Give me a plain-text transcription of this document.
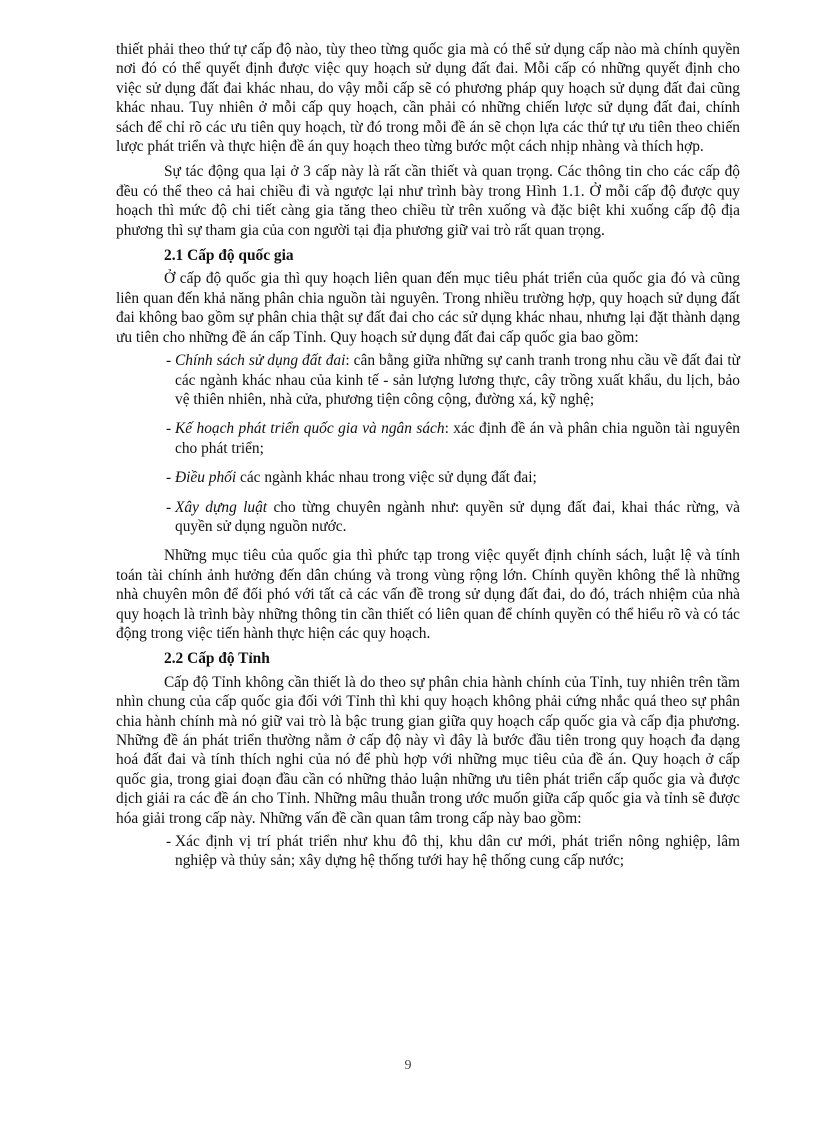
thiết phải theo thứ tự cấp độ nào, tùy theo từng quốc gia mà có thể sử dụng cấp nào mà chính quyền nơi đó có thể quyết định được việc quy hoạch sử dụng đất đai. Mỗi cấp có những quyết định cho việc sử dụng đất đai khác nhau, do vậy mỗi cấp sẽ có phương pháp quy hoạch sử dụng đất đai cũng khác nhau. Tuy nhiên ở mỗi cấp quy hoạch, cần phải có những chiến lược sử dụng đất đai, chính sách để chỉ rõ các ưu tiên quy hoạch, từ đó trong mỗi đề án sẽ chọn lựa các thứ tự ưu tiên theo chiến lược phát triển và thực hiện đề án quy hoạch theo từng bước một cách nhịp nhàng và thích hợp.

Sự tác động qua lại ở 3 cấp này là rất cần thiết và quan trọng. Các thông tin cho các cấp độ đều có thể theo cả hai chiều đi và ngược lại như trình bày trong Hình 1.1. Ở mỗi cấp độ được quy hoạch thì mức độ chi tiết càng gia tăng theo chiều từ trên xuống và đặc biệt khi xuống cấp độ địa phương thì sự tham gia của con người tại địa phương giữ vai trò rất quan trọng.

2.1 Cấp độ quốc gia

Ở cấp độ quốc gia thì quy hoạch liên quan đến mục tiêu phát triển của quốc gia đó và cũng liên quan đến khả năng phân chia nguồn tài nguyên. Trong nhiều trường hợp, quy hoạch sử dụng đất đai không bao gồm sự phân chia thật sự đất đai cho các sử dụng khác nhau, nhưng lại đặt thành dạng ưu tiên cho những đề án cấp Tỉnh. Quy hoạch sử dụng đất đai cấp quốc gia bao gồm:

- Chính sách sử dụng đất đai: cân bằng giữa những sự canh tranh trong nhu cầu về đất đai từ các ngành khác nhau của kinh tế - sản lượng lương thực, cây trồng xuất khẩu, du lịch, bảo vệ thiên nhiên, nhà cửa, phương tiện công cộng, đường xá, kỹ nghệ;
- Kế hoạch phát triển quốc gia và ngân sách: xác định đề án và phân chia nguồn tài nguyên cho phát triển;
- Điều phối các ngành khác nhau trong việc sử dụng đất đai;
- Xây dựng luật cho từng chuyên ngành như: quyền sử dụng đất đai, khai thác rừng, và quyền sử dụng nguồn nước.

Những mục tiêu của quốc gia thì phức tạp trong việc quyết định chính sách, luật lệ và tính toán tài chính ảnh hưởng đến dân chúng và trong vùng rộng lớn. Chính quyền không thể là những nhà chuyên môn để đối phó với tất cả các vấn đề trong sử dụng đất đai, do đó, trách nhiệm của nhà quy hoạch là trình bày những thông tin cần thiết có liên quan để chính quyền có thể hiểu rõ và có tác động trong việc tiến hành thực hiện các quy hoạch.

2.2 Cấp độ Tỉnh

Cấp độ Tỉnh không cần thiết là do theo sự phân chia hành chính của Tỉnh, tuy nhiên trên tầm nhìn chung của cấp quốc gia đối với Tỉnh thì khi quy hoạch không phải cứng nhắc quá theo sự phân chia hành chính mà nó giữ vai trò là bậc trung gian giữa quy hoạch cấp quốc gia và cấp địa phương. Những đề án phát triển thường nằm ở cấp độ này vì đây là bước đầu tiên trong quy hoạch đa dạng hoá đất đai và tính thích nghi của nó để phù hợp với những mục tiêu của đề án. Quy hoạch ở cấp quốc gia, trong giai đoạn đầu cần có những thảo luận những ưu tiên phát triển cấp quốc gia và được dịch giải ra các đề án cho Tỉnh. Những mâu thuẫn trong ước muốn giữa cấp quốc gia và tỉnh sẽ được hóa giải trong cấp này. Những vấn đề cần quan tâm trong cấp này bao gồm:

- Xác định vị trí phát triển như khu đô thị, khu dân cư mới, phát triển nông nghiệp, lâm nghiệp và thủy sản; xây dựng hệ thống tưới hay hệ thống cung cấp nước;
9
